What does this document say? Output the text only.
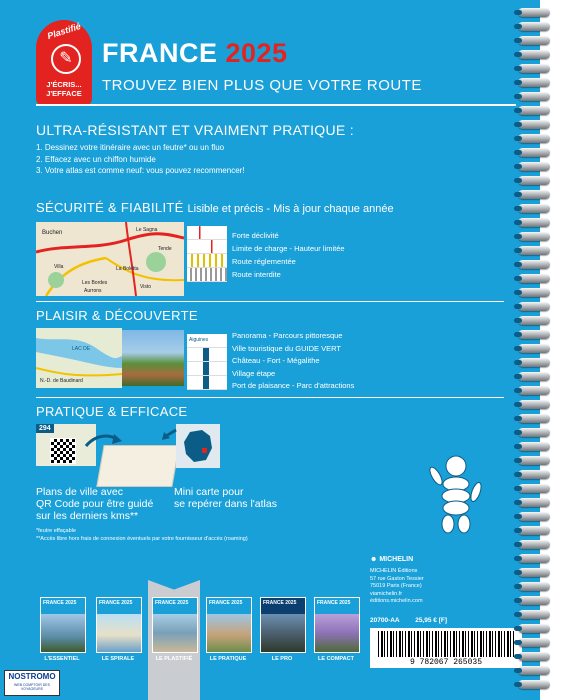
Plastifié
✎
J'ÉCRIS... J'EFFACE
FRANCE 2025
TROUVEZ BIEN PLUS QUE VOTRE ROUTE
ULTRA-RÉSISTANT ET VRAIMENT PRATIQUE :
1. Dessinez votre itinéraire avec un feutre* ou un fluo
2. Effacez avec un chiffon humide
3. Votre atlas est comme neuf: vous pouvez recommencer!
SÉCURITÉ & FIABILITÉ Lisible et précis - Mis à jour chaque année
Buchen	Le Sagna
Tende
Villa
Les Bordes
Aurrons
Visto
La Boletta
Forte déclivité
Limite de charge - Hauteur limitée
Route réglementée
Route interdite
PLAISIR & DÉCOUVERTE
LAC DE
N.-D. de Baudinard
Aiguines	Panorama - Parcours pittoresque
Ville touristique du GUIDE VERT
Château - Fort - Mégalithe
Village étape
Port de plaisance - Parc d'attractions
PRATIQUE & EFFICACE
294
Plans de ville avec
QR Code pour être guidé
sur les derniers kms**
Mini carte pour
se repérer dans l'atlas
*feutre effaçable
**Accès libre hors frais de connexion éventuels par votre fournisseur d'accès (roaming)
☻ MICHELIN
MICHELIN Éditions
57 rue Gaston Tessier
75019 Paris (France)
viamichelin.fr
éditions.michelin.com
20700-AA 25,95 € [F]
9 782067 265035
FRANCE 2025	FRANCE 2025	FRANCE 2025	FRANCE 2025	FRANCE 2025	FRANCE 2025
L'ESSENTIEL	LE SPIRALE	LE PLASTIFIÉ	LE PRATIQUE	LE PRO	LE COMPACT
NOSTROMO
WEB COMPTOIR DES VOYAGEURS
